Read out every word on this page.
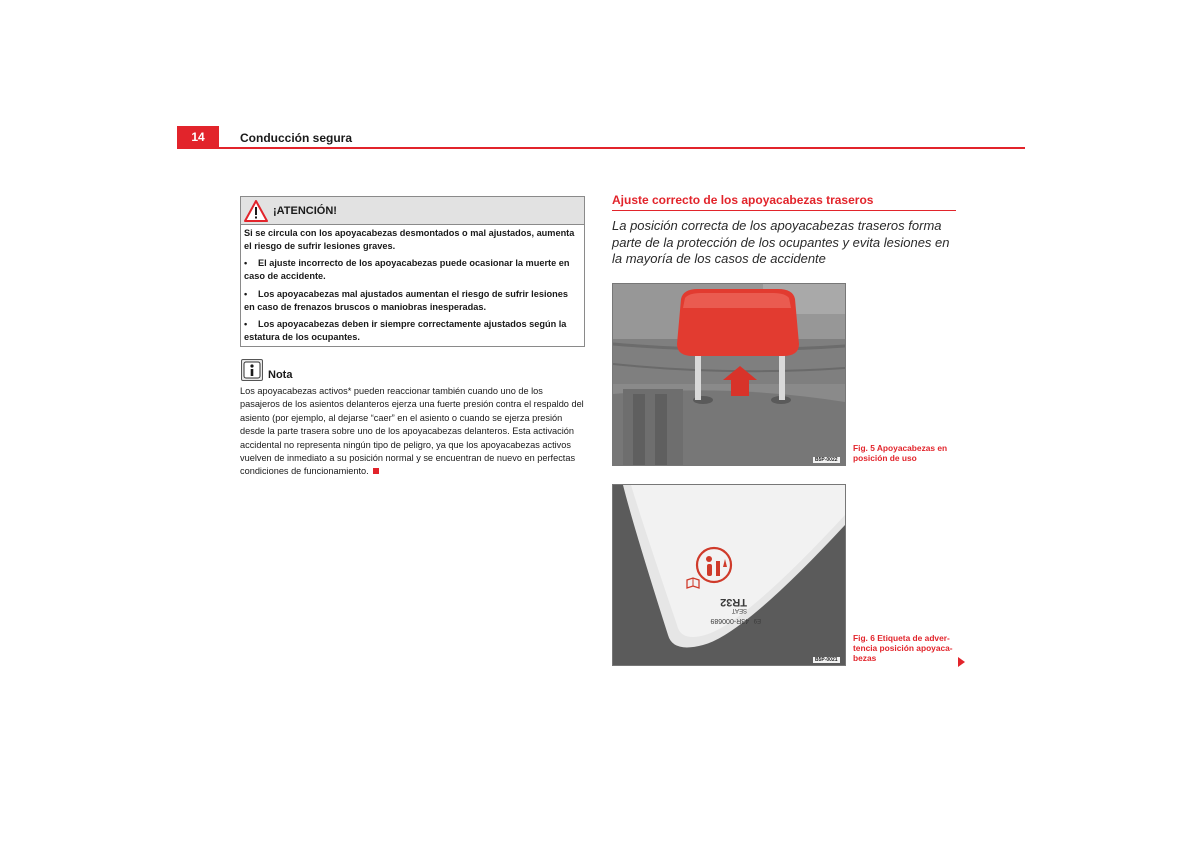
14	Conducción segura
¡ATENCIÓN!
Si se circula con los apoyacabezas desmontados o mal ajustados, aumenta el riesgo de sufrir lesiones graves.
• El ajuste incorrecto de los apoyacabezas puede ocasionar la muerte en caso de accidente.
• Los apoyacabezas mal ajustados aumentan el riesgo de sufrir lesiones en caso de frenazos bruscos o maniobras inesperadas.
• Los apoyacabezas deben ir siempre correctamente ajustados según la estatura de los ocupantes.
Nota
Los apoyacabezas activos* pueden reaccionar también cuando uno de los pasajeros de los asientos delanteros ejerza una fuerte presión contra el respaldo del asiento (por ejemplo, al dejarse “caer” en el asiento o cuando se ejerza presión desde la parte trasera sobre uno de los apoyacabezas delanteros. Esta activación accidental no representa ningún tipo de peligro, ya que los apoyacabezas activos vuelven de inmediato a su posición normal y se encuentran de nuevo en perfectas condiciones de funcionamiento.
Ajuste correcto de los apoyacabezas traseros
La posición correcta de los apoyacabezas traseros forma parte de la protección de los ocupantes y evita lesiones en la mayoría de los casos de accidente
B5P-0022
Fig. 5 Apoyacabezas en
posición de uso
TR32
SEAT
43R-000689 E9
B5P-0021
Fig. 6 Etiqueta de adver-
tencia posición apoyaca-
bezas
